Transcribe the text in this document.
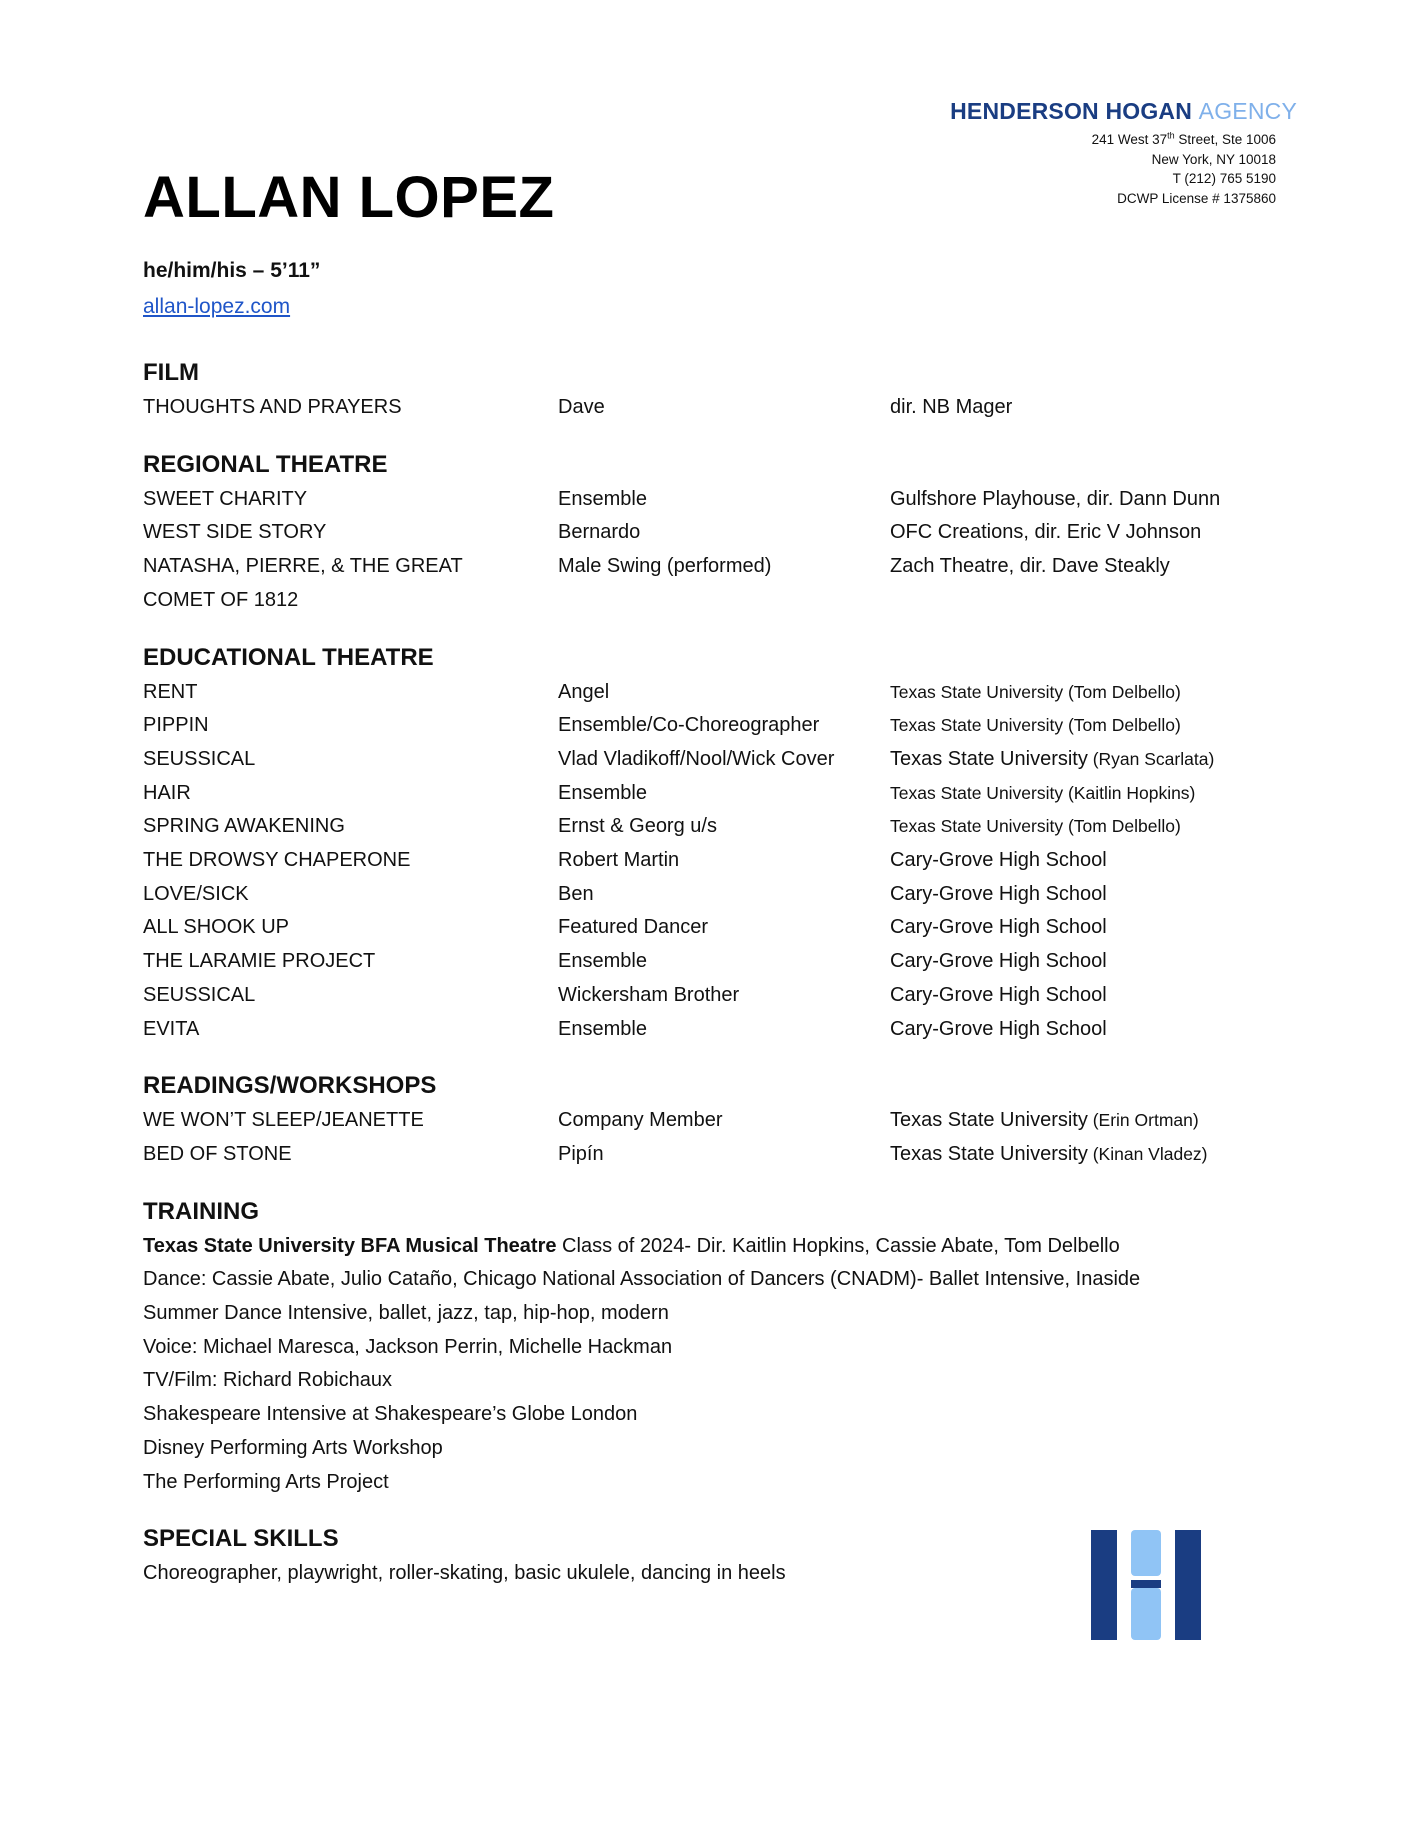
HENDERSON HOGAN AGENCY
241 West 37th Street, Ste 1006
New York, NY 10018
T (212) 765 5190
DCWP License # 1375860
ALLAN LOPEZ
he/him/his – 5’11”
allan-lopez.com
FILM
THOUGHTS AND PRAYERS	Dave	dir. NB Mager
REGIONAL THEATRE
SWEET CHARITY	Ensemble	Gulfshore Playhouse, dir. Dann Dunn
WEST SIDE STORY	Bernardo	OFC Creations, dir. Eric V Johnson
NATASHA, PIERRE, & THE GREAT	Male Swing (performed)	Zach Theatre, dir. Dave Steakly
COMET OF 1812
EDUCATIONAL THEATRE
RENT	Angel	Texas State University (Tom Delbello)
PIPPIN	Ensemble/Co-Choreographer	Texas State University (Tom Delbello)
SEUSSICAL	Vlad Vladikoff/Nool/Wick Cover	Texas State University (Ryan Scarlata)
HAIR	Ensemble	Texas State University (Kaitlin Hopkins)
SPRING AWAKENING	Ernst & Georg u/s	Texas State University (Tom Delbello)
THE DROWSY CHAPERONE	Robert Martin	Cary-Grove High School
LOVE/SICK	Ben	Cary-Grove High School
ALL SHOOK UP	Featured Dancer	Cary-Grove High School
THE LARAMIE PROJECT	Ensemble	Cary-Grove High School
SEUSSICAL	Wickersham Brother	Cary-Grove High School
EVITA	Ensemble	Cary-Grove High School
READINGS/WORKSHOPS
WE WON’T SLEEP/JEANETTE	Company Member	Texas State University (Erin Ortman)
BED OF STONE	Pipín	Texas State University (Kinan Vladez)
TRAINING
Texas State University BFA Musical Theatre Class of 2024- Dir. Kaitlin Hopkins, Cassie Abate, Tom Delbello
Dance: Cassie Abate, Julio Cataño, Chicago National Association of Dancers (CNADM)- Ballet Intensive, Inaside
Summer Dance Intensive, ballet, jazz, tap, hip-hop, modern
Voice: Michael Maresca, Jackson Perrin, Michelle Hackman
TV/Film: Richard Robichaux
Shakespeare Intensive at Shakespeare’s Globe London
Disney Performing Arts Workshop
The Performing Arts Project
SPECIAL SKILLS
Choreographer, playwright, roller-skating, basic ukulele, dancing in heels
